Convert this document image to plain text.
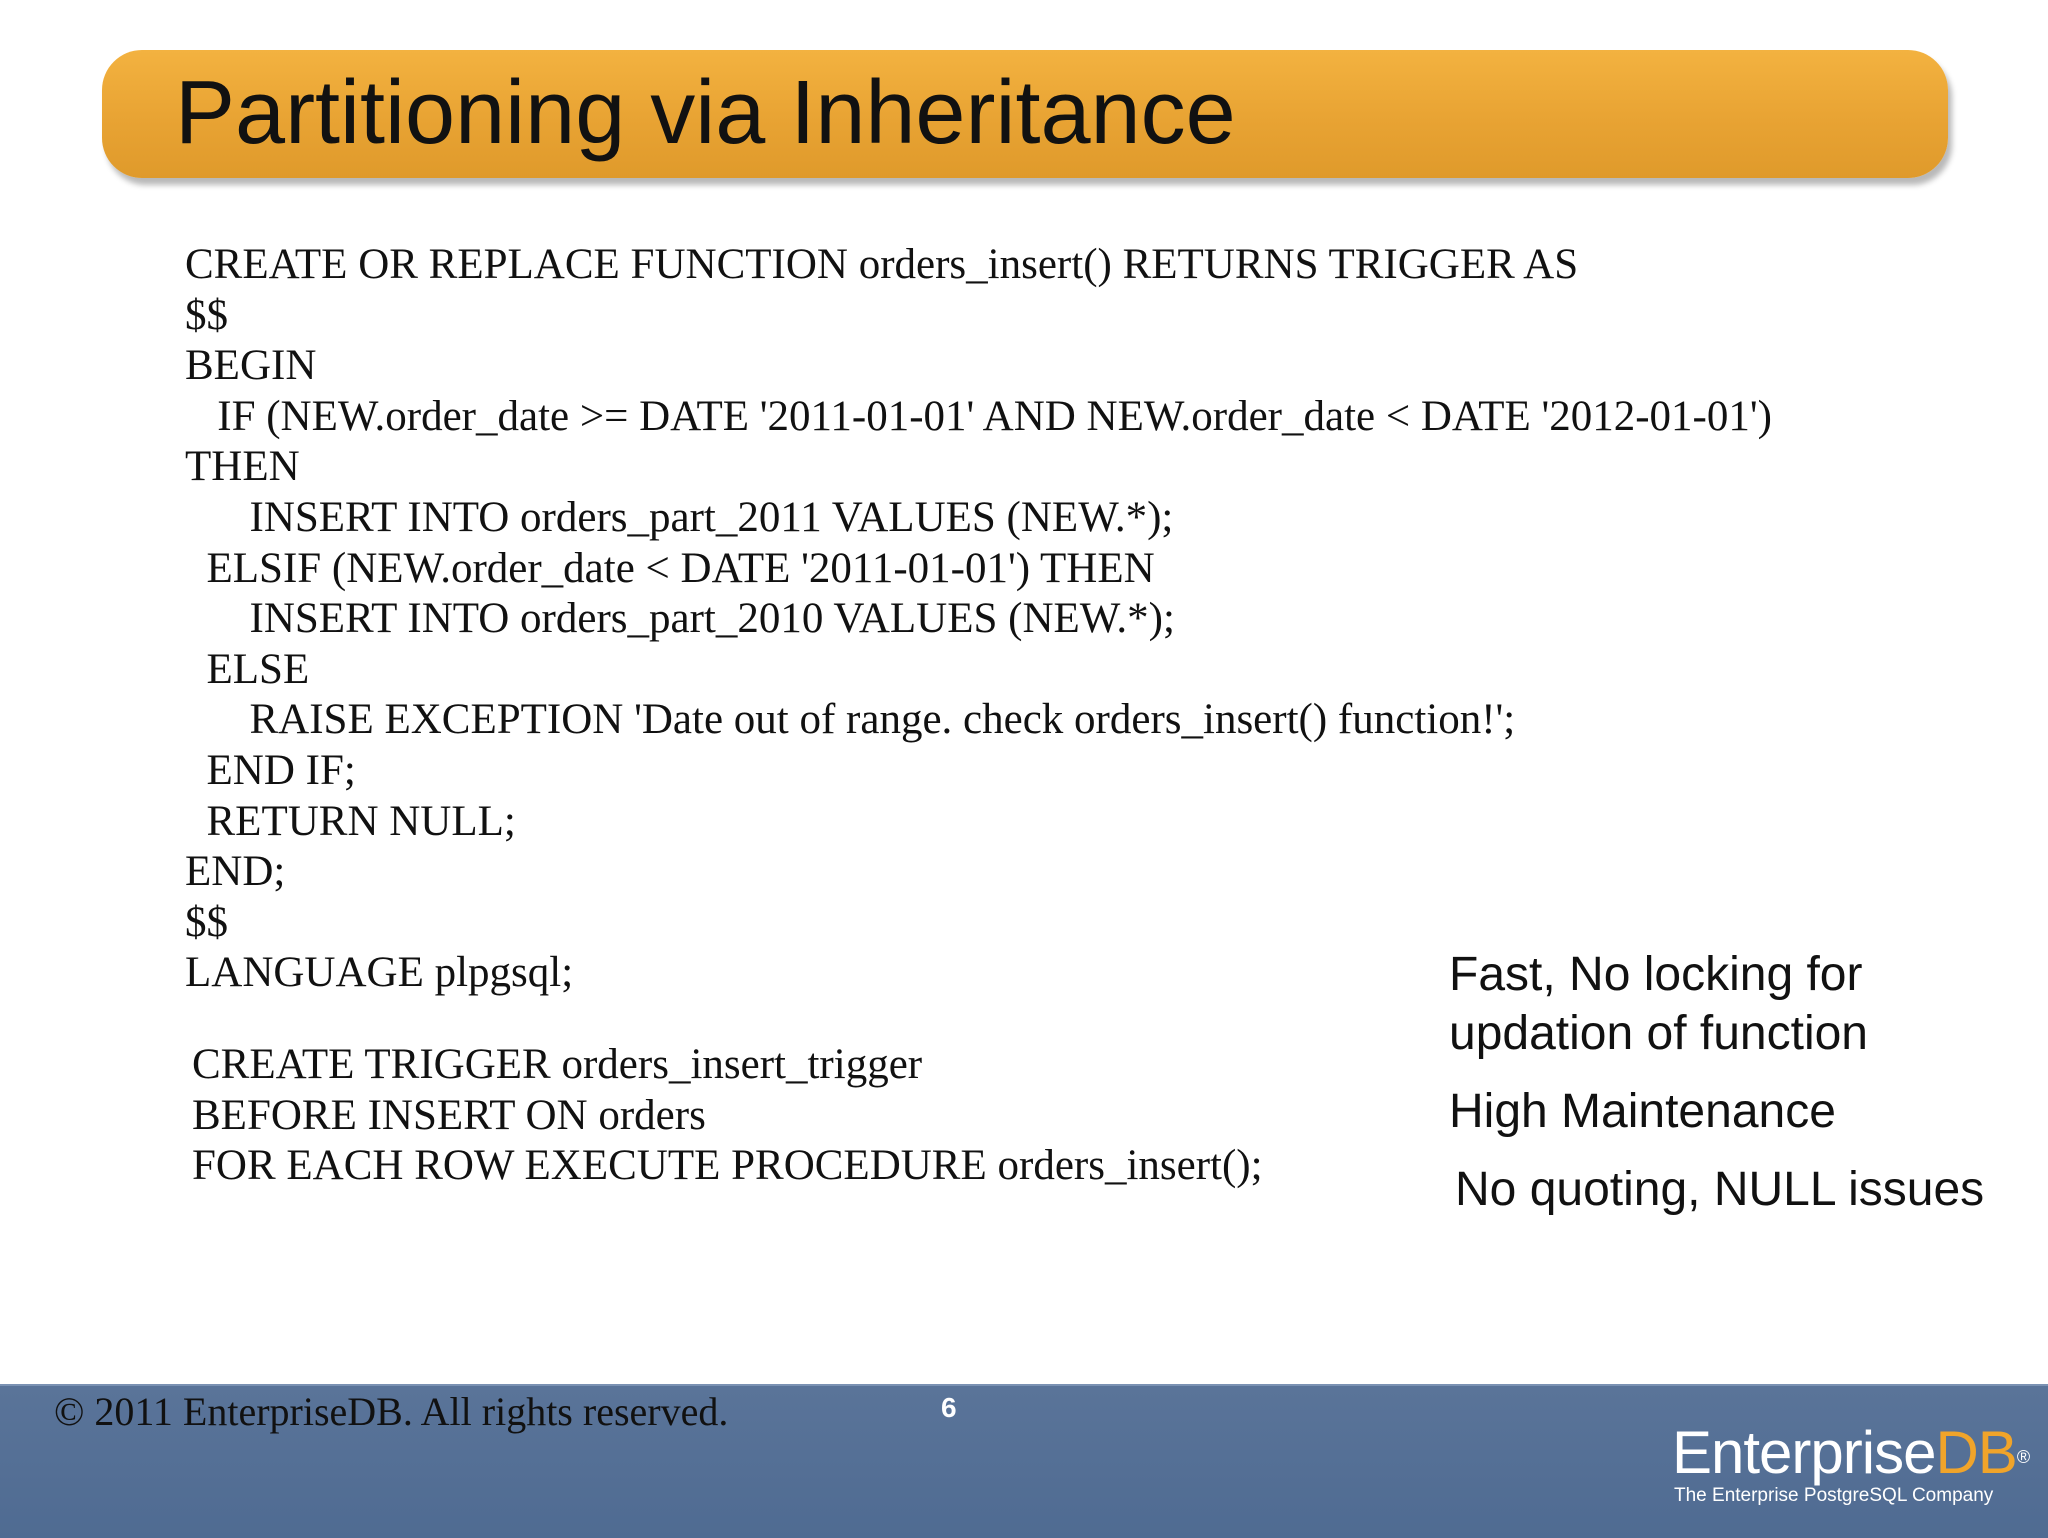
Partitioning via Inheritance
CREATE OR REPLACE FUNCTION orders_insert() RETURNS TRIGGER AS
$$
BEGIN
IF (NEW.order_date >= DATE '2011-01-01' AND NEW.order_date < DATE '2012-01-01')
THEN
INSERT INTO orders_part_2011 VALUES (NEW.*);
ELSIF (NEW.order_date < DATE '2011-01-01') THEN
INSERT INTO orders_part_2010 VALUES (NEW.*);
ELSE
RAISE EXCEPTION 'Date out of range. check orders_insert() function!';
END IF;
RETURN NULL;
END;
$$
LANGUAGE plpgsql;
CREATE TRIGGER orders_insert_trigger
BEFORE INSERT ON orders
FOR EACH ROW EXECUTE PROCEDURE orders_insert();
Fast, No locking for
updation of function
High Maintenance
No quoting, NULL issues
© 2011 EnterpriseDB. All rights reserved.	6
EnterpriseDB®
The Enterprise PostgreSQL Company
